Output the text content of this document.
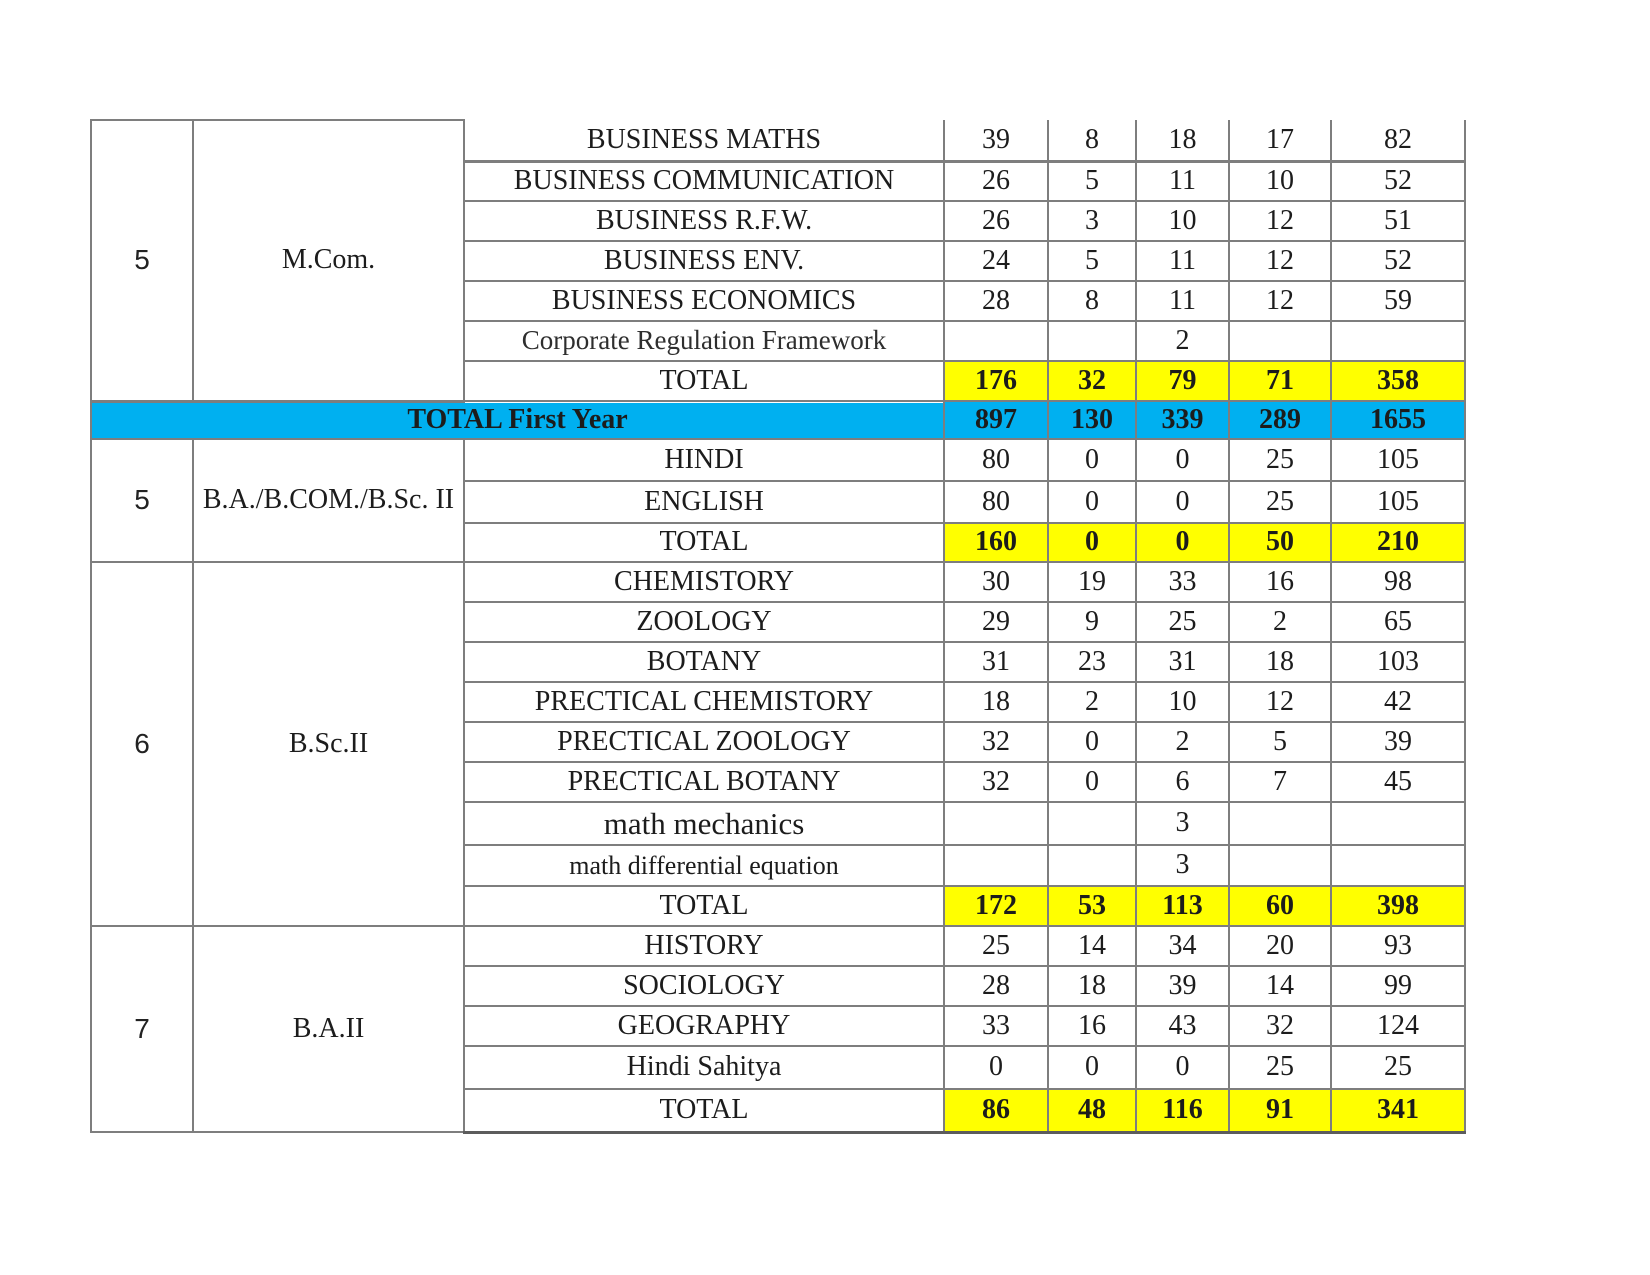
5	M.Com.	BUSINESS MATHS	39	8	18	17	82
		BUSINESS COMMUNICATION	26	5	11	10	52
		BUSINESS R.F.W.	26	3	10	12	51
		BUSINESS ENV.	24	5	11	12	52
		BUSINESS ECONOMICS	28	8	11	12	59
		Corporate Regulation Framework			2		
		TOTAL	176	32	79	71	358
TOTAL First Year			897	130	339	289	1655
5	B.A./B.COM./B.Sc. II	HINDI	80	0	0	25	105
		ENGLISH	80	0	0	25	105
		TOTAL	160	0	0	50	210
6	B.Sc.II	CHEMISTORY	30	19	33	16	98
		ZOOLOGY	29	9	25	2	65
		BOTANY	31	23	31	18	103
		PRECTICAL CHEMISTORY	18	2	10	12	42
		PRECTICAL ZOOLOGY	32	0	2	5	39
		PRECTICAL BOTANY	32	0	6	7	45
		math mechanics			3		
		math differential equation			3		
		TOTAL	172	53	113	60	398
7	B.A.II	HISTORY	25	14	34	20	93
		SOCIOLOGY	28	18	39	14	99
		GEOGRAPHY	33	16	43	32	124
		Hindi Sahitya	0	0	0	25	25
		TOTAL	86	48	116	91	341
